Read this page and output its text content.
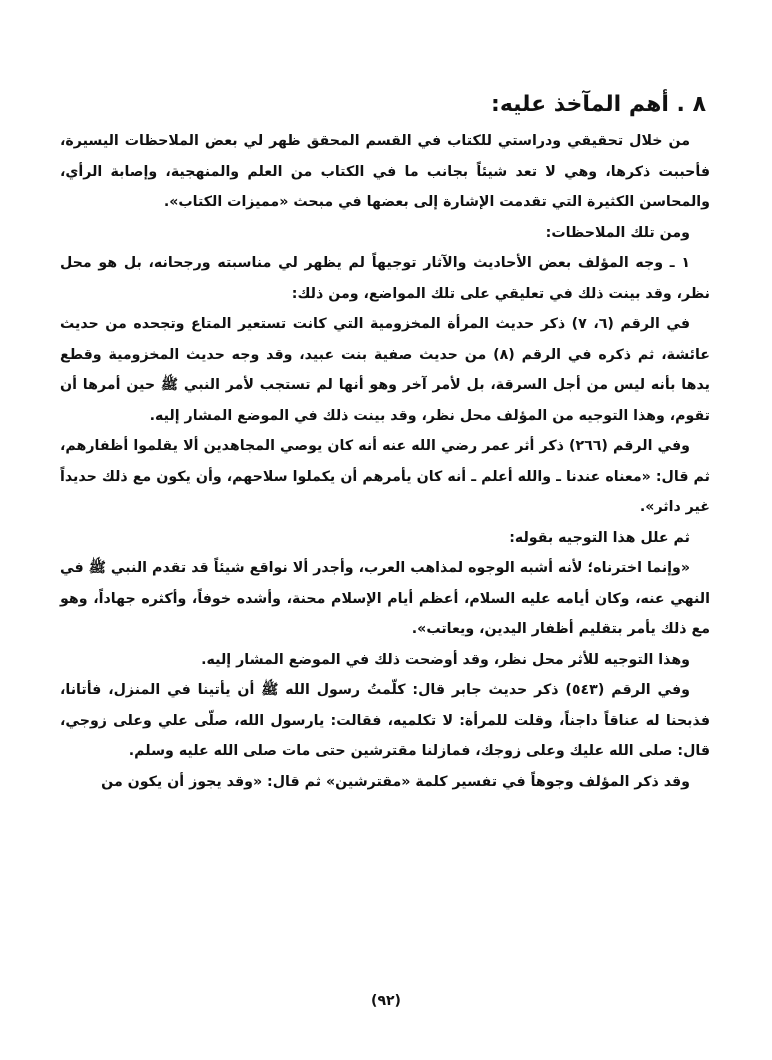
٨ . أهم المآخذ عليه:

من خلال تحقيقي ودراستي للكتاب في القسم المحقق ظهر لي بعض الملاحظات اليسيرة، فأحببت ذكرها، وهي لا تعد شيئاً بجانب ما في الكتاب من العلم والمنهجية، وإصابة الرأي، والمحاسن الكثيرة التي تقدمت الإشارة إلى بعضها في مبحث «مميزات الكتاب».

ومن تلك الملاحظات:

١ ـ وجه المؤلف بعض الأحاديث والآثار توجيهاً لم يظهر لي مناسبته ورجحانه، بل هو محل نظر، وقد بينت ذلك في تعليقي على تلك المواضع، ومن ذلك:

في الرقم (٦، ٧) ذكر حديث المرأة المخزومية التي كانت تستعير المتاع وتجحده من حديث عائشة، ثم ذكره في الرقم (٨) من حديث صفية بنت عبيد، وقد وجه حديث المخزومية وقطع يدها بأنه ليس من أجل السرقة، بل لأمر آخر وهو أنها لم تستجب لأمر النبي ﷺ حين أمرها أن تقوم، وهذا التوجيه من المؤلف محل نظر، وقد بينت ذلك في الموضع المشار إليه.

وفي الرقم (٢٦٦) ذكر أثر عمر رضي الله عنه أنه كان يوصي المجاهدين ألا يقلموا أظفارهم، ثم قال: «معناه عندنا ـ والله أعلم ـ أنه كان يأمرهم أن يكملوا سلاحهم، وأن يكون مع ذلك حديداً غير داثر».

ثم علل هذا التوجيه بقوله:

«وإنما اخترناه؛ لأنه أشبه الوجوه لمذاهب العرب، وأجدر ألا نواقع شيئاً قد تقدم النبي ﷺ في النهي عنه، وكان أيامه عليه السلام، أعظم أيام الإسلام محنة، وأشده خوفاً، وأكثره جهاداً، وهو مع ذلك يأمر بتقليم أظفار اليدين، ويعاتب».

وهذا التوجيه للأثر محل نظر، وقد أوضحت ذلك في الموضع المشار إليه.

وفي الرقم (٥٤٣) ذكر حديث جابر قال: كلّمتُ رسول الله ﷺ أن يأتينا في المنزل، فأتانا، فذبحنا له عناقاً داجناً، وقلت للمرأة: لا تكلميه، فقالت: يارسول الله، صلّى علي وعلى زوجي، قال: صلى الله عليك وعلى زوجك، فمازلنا مقترشين حتى مات صلى الله عليه وسلم.

وقد ذكر المؤلف وجوهاً في تفسير كلمة «مقترشين» ثم قال: «وقد يجوز أن يكون من

(٩٢)
